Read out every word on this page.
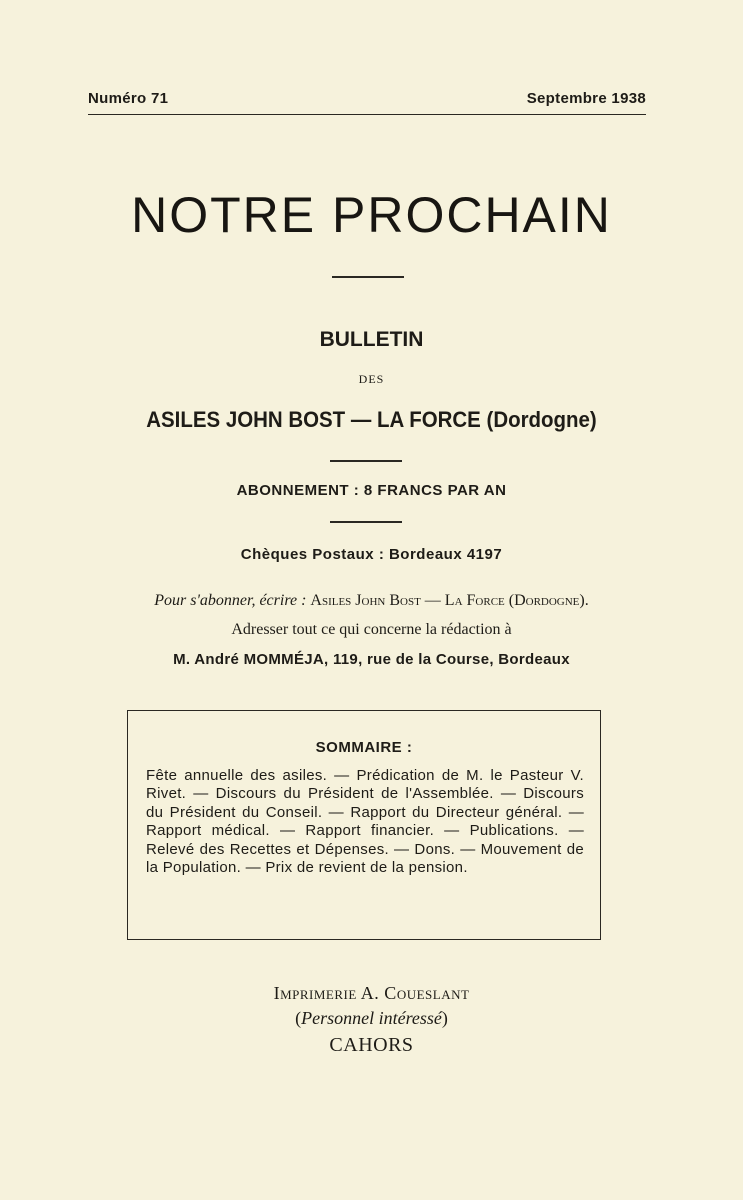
Numéro 71	Septembre 1938
NOTRE PROCHAIN
BULLETIN
DES
ASILES JOHN BOST — LA FORCE (Dordogne)
ABONNEMENT : 8 FRANCS PAR AN
Chèques Postaux : Bordeaux 4197
Pour s'abonner, écrire : Asiles John Bost — La Force (Dordogne).
Adresser tout ce qui concerne la rédaction à
M. André MOMMÉJA, 119, rue de la Course, Bordeaux
SOMMAIRE :
Fête annuelle des asiles. — Prédication de M. le Pasteur V. Rivet. — Discours du Président de l'Assemblée. — Discours du Président du Conseil. — Rapport du Directeur général. — Rapport médical. — Rapport financier. — Publications. — Relevé des Recettes et Dépenses. — Dons. — Mouvement de la Population. — Prix de revient de la pension.
Imprimerie A. Coueslant
(Personnel intéressé)
CAHORS
